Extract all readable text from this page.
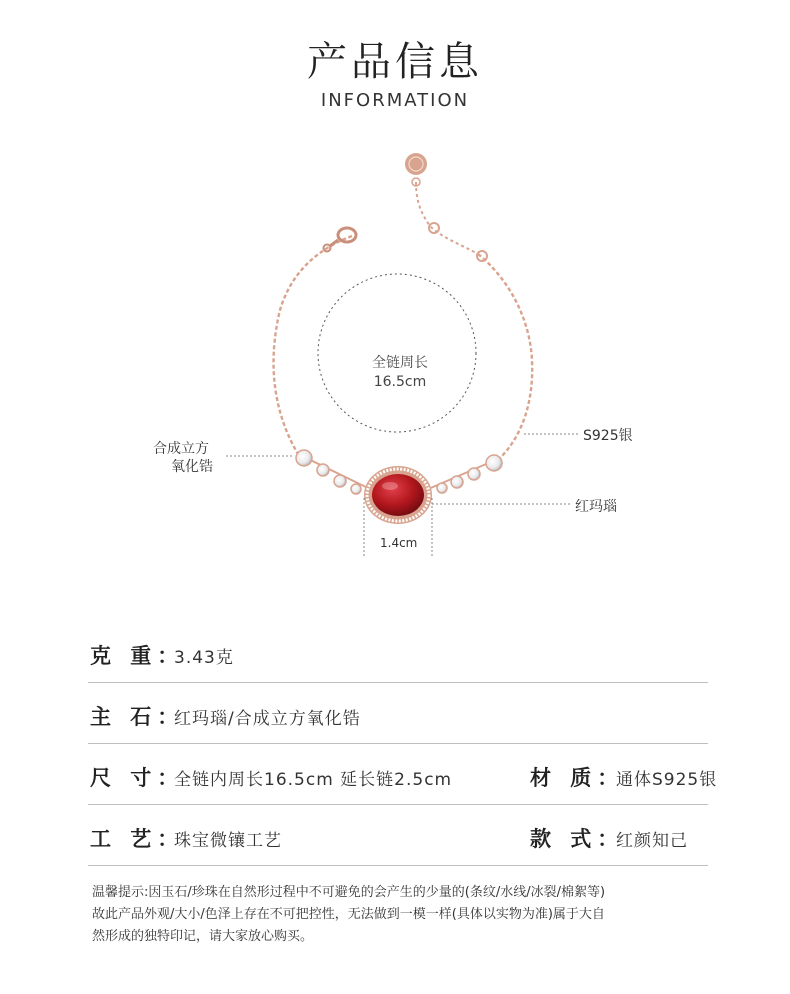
产品信息
INFORMATION
全链周长
16.5cm
合成立方
氧化锆
S925银
红玛瑙
1.4cm
克 重：
3.43克
主 石：
红玛瑙/合成立方氧化锆
尺 寸：
全链内周长16.5cm 延长链2.5cm	材 质：
通体S925银
工 艺：
珠宝微镶工艺	款 式：
红颜知己
温馨提示:因玉石/珍珠在自然形过程中不可避免的会产生的少量的(条纹/水线/冰裂/棉絮等)
故此产品外观/大小/色泽上存在不可把控性，无法做到一模一样(具体以实物为准)属于大自
然形成的独特印记，请大家放心购买。
